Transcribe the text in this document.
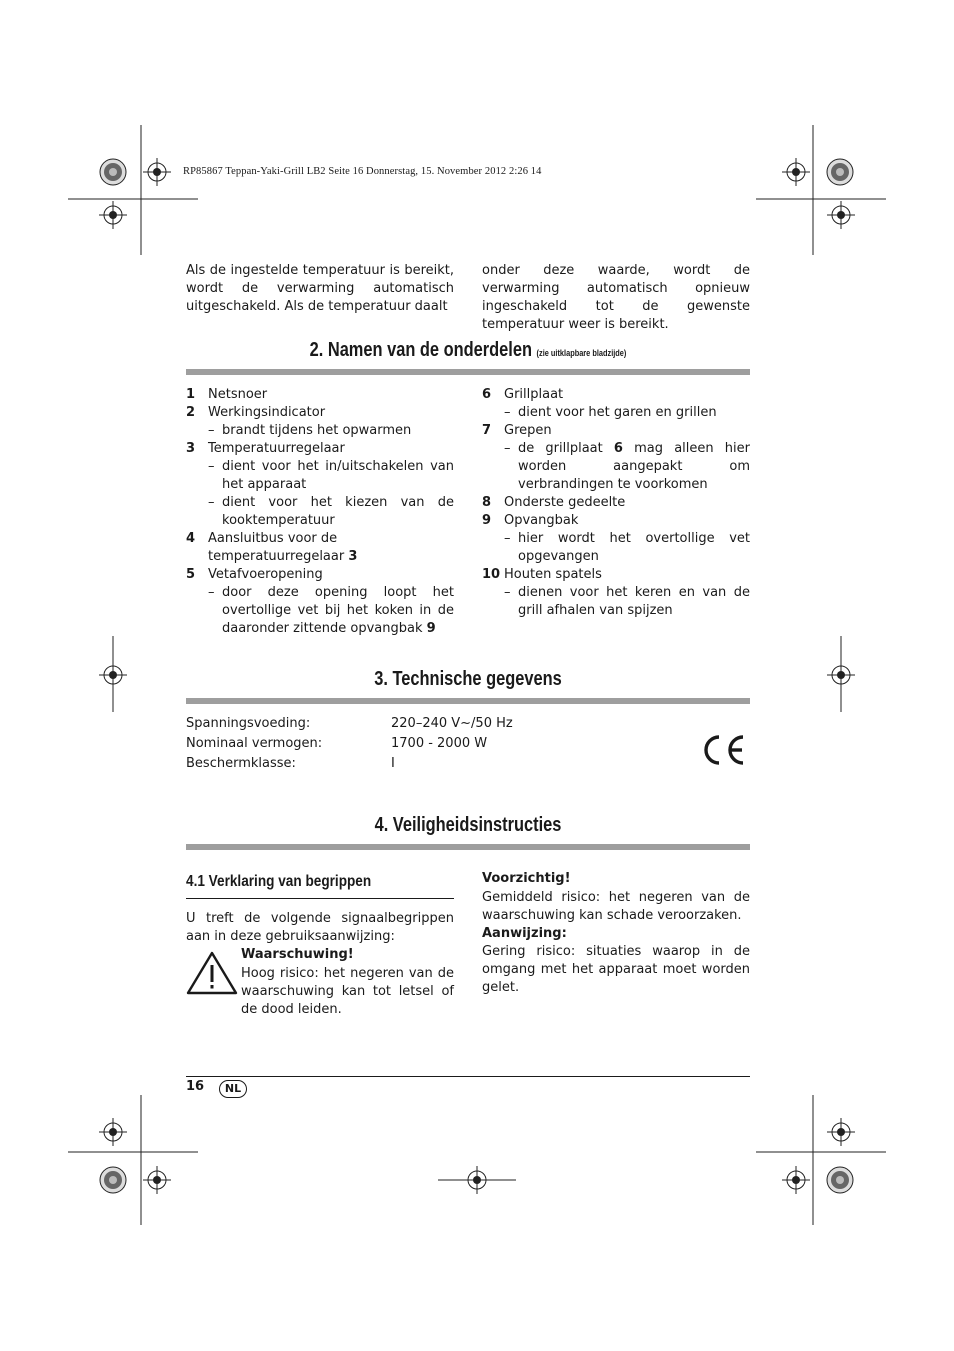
RP85867 Teppan-Yaki-Grill LB2 Seite 16 Donnerstag, 15. November 2012 2:26 14
Als de ingestelde temperatuur is bereikt, wordt de verwarming automatisch uitgeschakeld. Als de temperatuur daalt
onder deze waarde, wordt de verwarming automatisch opnieuw ingeschakeld tot de gewenste temperatuur weer is bereikt.
2. Namen van de onderdelen (zie uitklapbare bladzijde)
1 Netsnoer
2 Werkingsindicator
– brandt tijdens het opwarmen
3 Temperatuurregelaar
– dient voor het in/uitschakelen van het apparaat
– dient voor het kiezen van de kooktemperatuur
4 Aansluitbus voor de temperatuurregelaar 3
5 Vetafvoeropening
– door deze opening loopt het overtollige vet bij het koken in de daaronder zittende opvangbak 9
6 Grillplaat
– dient voor het garen en grillen
7 Grepen
– de grillplaat 6 mag alleen hier worden aangepakt om verbrandingen te voorkomen
8 Onderste gedeelte
9 Opvangbak
– hier wordt het overtollige vet opgevangen
10 Houten spatels
– dienen voor het keren en van de grill afhalen van spijzen
3. Technische gegevens
Spanningsvoeding:	220–240 V~/50 Hz
Nominaal vermogen:	1700 - 2000 W
Beschermklasse:	I
4. Veiligheidsinstructies
4.1 Verklaring van begrippen
U treft de volgende signaalbegrippen aan in deze gebruiksaanwijzing:
Waarschuwing!
Hoog risico: het negeren van de waarschuwing kan tot letsel of de dood leiden.
Voorzichtig!
Gemiddeld risico: het negeren van de waarschuwing kan schade veroorzaken.
Aanwijzing:
Gering risico: situaties waarop in de omgang met het apparaat moet worden gelet.
16	NL
